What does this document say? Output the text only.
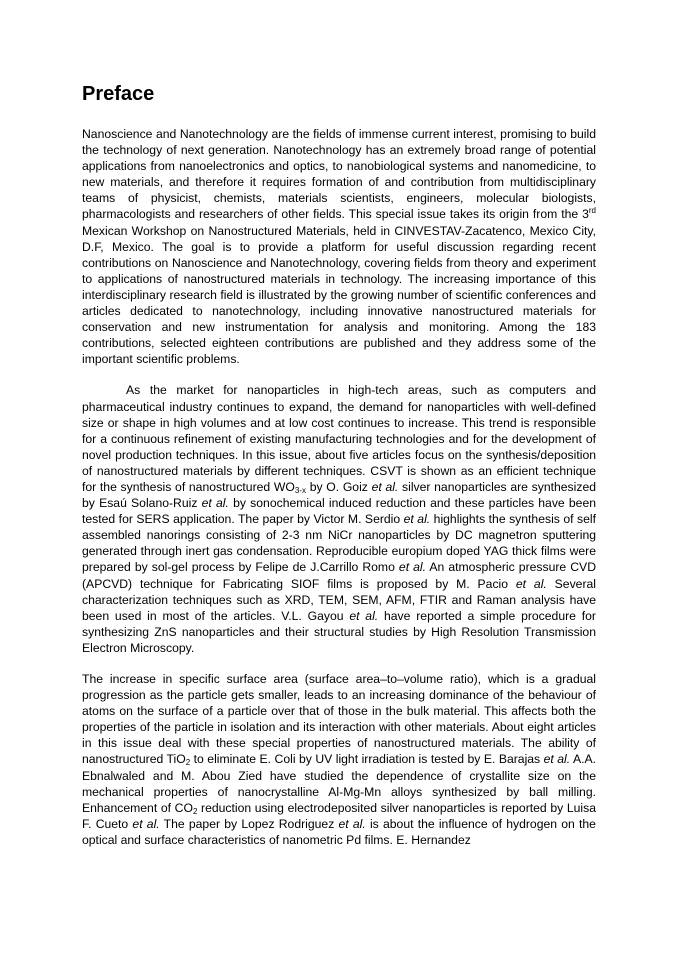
Preface

Nanoscience and Nanotechnology are the fields of immense current interest, promising to build the technology of next generation. Nanotechnology has an extremely broad range of potential applications from nanoelectronics and optics, to nanobiological systems and nanomedicine, to new materials, and therefore it requires formation of and contribution from multidisciplinary teams of physicist, chemists, materials scientists, engineers, molecular biologists, pharmacologists and researchers of other fields. This special issue takes its origin from the 3rd Mexican Workshop on Nanostructured Materials, held in CINVESTAV-Zacatenco, Mexico City, D.F, Mexico. The goal is to provide a platform for useful discussion regarding recent contributions on Nanoscience and Nanotechnology, covering fields from theory and experiment to applications of nanostructured materials in technology. The increasing importance of this interdisciplinary research field is illustrated by the growing number of scientific conferences and articles dedicated to nanotechnology, including innovative nanostructured materials for conservation and new instrumentation for analysis and monitoring. Among the 183 contributions, selected eighteen contributions are published and they address some of the important scientific problems.

As the market for nanoparticles in high-tech areas, such as computers and pharmaceutical industry continues to expand, the demand for nanoparticles with well-defined size or shape in high volumes and at low cost continues to increase. This trend is responsible for a continuous refinement of existing manufacturing technologies and for the development of novel production techniques. In this issue, about five articles focus on the synthesis/deposition of nanostructured materials by different techniques. CSVT is shown as an efficient technique for the synthesis of nanostructured $WO_{3-x}$ by O. Goiz et al. silver nanoparticles are synthesized by Esaú Solano-Ruiz et al. by sonochemical induced reduction and these particles have been tested for SERS application. The paper by Victor M. Serdio et al. highlights the synthesis of self assembled nanorings consisting of 2-3 nm NiCr nanoparticles by DC magnetron sputtering generated through inert gas condensation. Reproducible europium doped YAG thick films were prepared by sol-gel process by Felipe de J.Carrillo Romo et al. An atmospheric pressure CVD (APCVD) technique for Fabricating SIOF films is proposed by M. Pacio et al. Several characterization techniques such as XRD, TEM, SEM, AFM, FTIR and Raman analysis have been used in most of the articles. V.L. Gayou et al. have reported a simple procedure for synthesizing ZnS nanoparticles and their structural studies by High Resolution Transmission Electron Microscopy.

The increase in specific surface area (surface area–to–volume ratio), which is a gradual progression as the particle gets smaller, leads to an increasing dominance of the behaviour of atoms on the surface of a particle over that of those in the bulk material. This affects both the properties of the particle in isolation and its interaction with other materials. About eight articles in this issue deal with these special properties of nanostructured materials. The ability of nanostructured TiO$_2$ to eliminate E. Coli by UV light irradiation is tested by E. Barajas et al. A.A. Ebnalwaled and M. Abou Zied have studied the dependence of crystallite size on the mechanical properties of nanocrystalline Al-Mg-Mn alloys synthesized by ball milling. Enhancement of $CO_2$ reduction using electrodeposited silver nanoparticles is reported by Luisa F. Cueto et al. The paper by Lopez Rodriguez et al. is about the influence of hydrogen on the optical and surface characteristics of nanometric Pd films. E. Hernandez
